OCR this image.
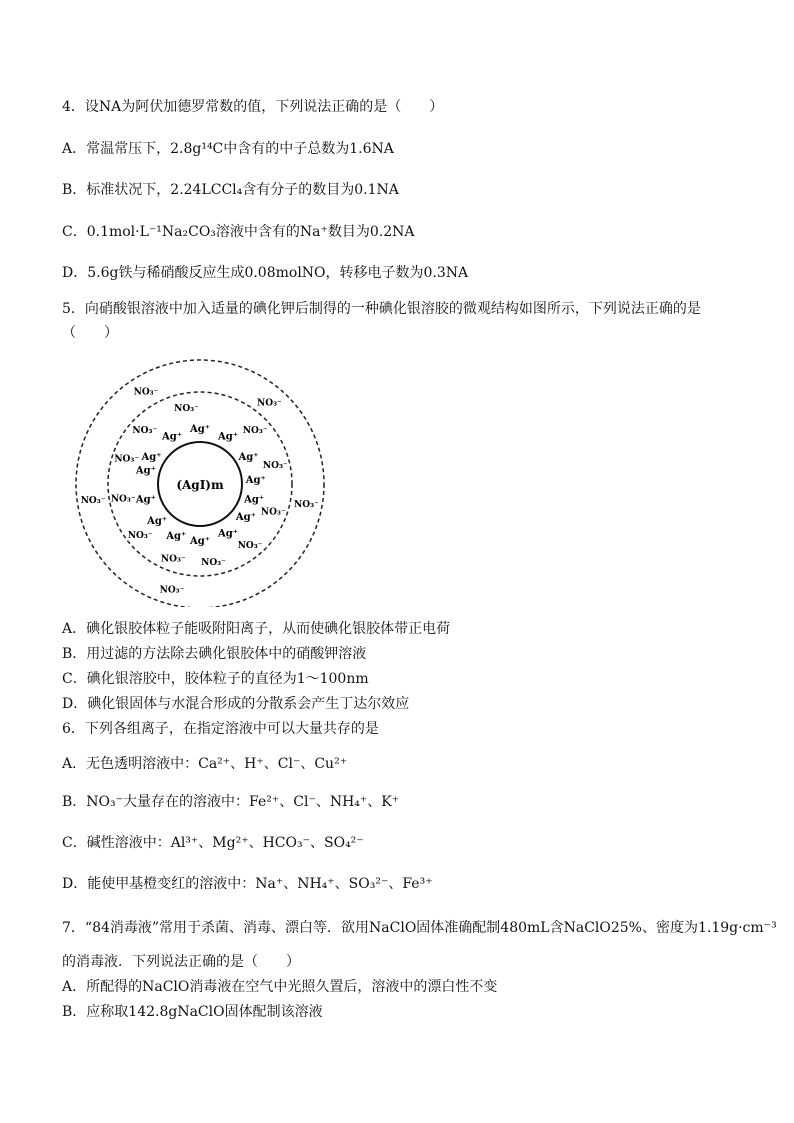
4．设NA为阿伏加德罗常数的值，下列说法正确的是（　　）
A．常温常压下，2.8g¹⁴C中含有的中子总数为1.6NA
B．标准状况下，2.24LCCl₄含有分子的数目为0.1NA
C．0.1mol·L⁻¹Na₂CO₃溶液中含有的Na⁺数目为0.2NA
D．5.6g铁与稀硝酸反应生成0.08molNO，转移电子数为0.3NA
5．向硝酸银溶液中加入适量的碘化钾后制得的一种碘化银溶胶的微观结构如图所示，下列说法正确的是
（　　）
(AgI)m
Ag⁺
Ag⁺
Ag⁺
Ag⁺
Ag⁺
Ag⁺
Ag⁺
Ag⁺
Ag⁺
Ag⁺
Ag⁺
Ag⁺
Ag⁺
Ag⁺
NO₃⁻
NO₃⁻
NO₃⁻
NO₃⁻
NO₃⁻
NO₃⁻
NO₃⁻
NO₃⁻
NO₃⁻
NO₃⁻
NO₃⁻
NO₃⁻
NO₃⁻
NO₃⁻
NO₃⁻
NO₃⁻
A．碘化银胶体粒子能吸附阳离子，从而使碘化银胶体带正电荷
B．用过滤的方法除去碘化银胶体中的硝酸钾溶液
C．碘化银溶胶中，胶体粒子的直径为1～100nm
D．碘化银固体与水混合形成的分散系会产生丁达尔效应
6．下列各组离子，在指定溶液中可以大量共存的是
A．无色透明溶液中：Ca²⁺、H⁺、Cl⁻、Cu²⁺
B．NO₃⁻大量存在的溶液中：Fe²⁺、Cl⁻、NH₄⁺、K⁺
C．碱性溶液中：Al³⁺、Mg²⁺、HCO₃⁻、SO₄²⁻
D．能使甲基橙变红的溶液中：Na⁺、NH₄⁺、SO₃²⁻、Fe³⁺
7．“84消毒液”常用于杀菌、消毒、漂白等．欲用NaClO固体准确配制480mL含NaClO25%、密度为1.19g·cm⁻³
的消毒液．下列说法正确的是（　　）
A．所配得的NaClO消毒液在空气中光照久置后，溶液中的漂白性不变
B．应称取142.8gNaClO固体配制该溶液
